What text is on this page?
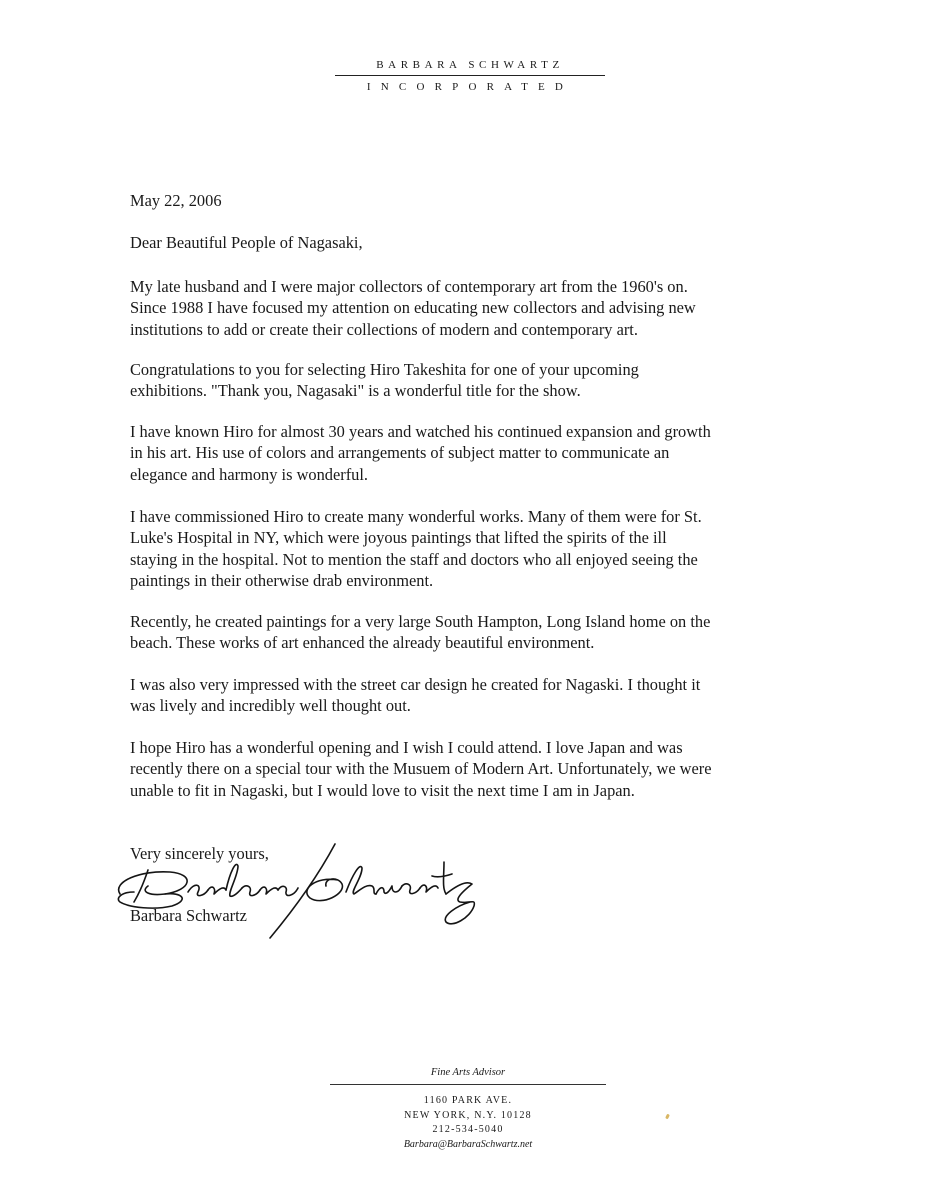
BARBARA SCHWARTZ
INCORPORATED
May 22, 2006
Dear Beautiful People of Nagasaki,
My late husband and I were major collectors of contemporary art from the 1960's on.
Since 1988 I have focused my attention on educating new collectors and advising new
institutions to add or create their collections of modern and contemporary art.
Congratulations to you for selecting Hiro Takeshita for one of your upcoming
exhibitions. "Thank you, Nagasaki" is a wonderful title for the show.
I have known Hiro for almost 30 years and watched his continued expansion and growth
in his art. His use of colors and arrangements of subject matter to communicate an
elegance and harmony is wonderful.
I have commissioned Hiro to create many wonderful works. Many of them were for St.
Luke's Hospital in NY, which were joyous paintings that lifted the spirits of the ill
staying in the hospital. Not to mention the staff and doctors who all enjoyed seeing the
paintings in their otherwise drab environment.
Recently, he created paintings for a very large South Hampton, Long Island home on the
beach. These works of art enhanced the already beautiful environment.
I was also very impressed with the street car design he created for Nagaski. I thought it
was lively and incredibly well thought out.
I hope Hiro has a wonderful opening and I wish I could attend. I love Japan and was
recently there on a special tour with the Musuem of Modern Art. Unfortunately, we were
unable to fit in Nagaski, but I would love to visit the next time I am in Japan.
Very sincerely yours,
Barbara Schwartz
Fine Arts Advisor
1160 PARK AVE.
NEW YORK, N.Y. 10128
212-534-5040
Barbara@BarbaraSchwartz.net
